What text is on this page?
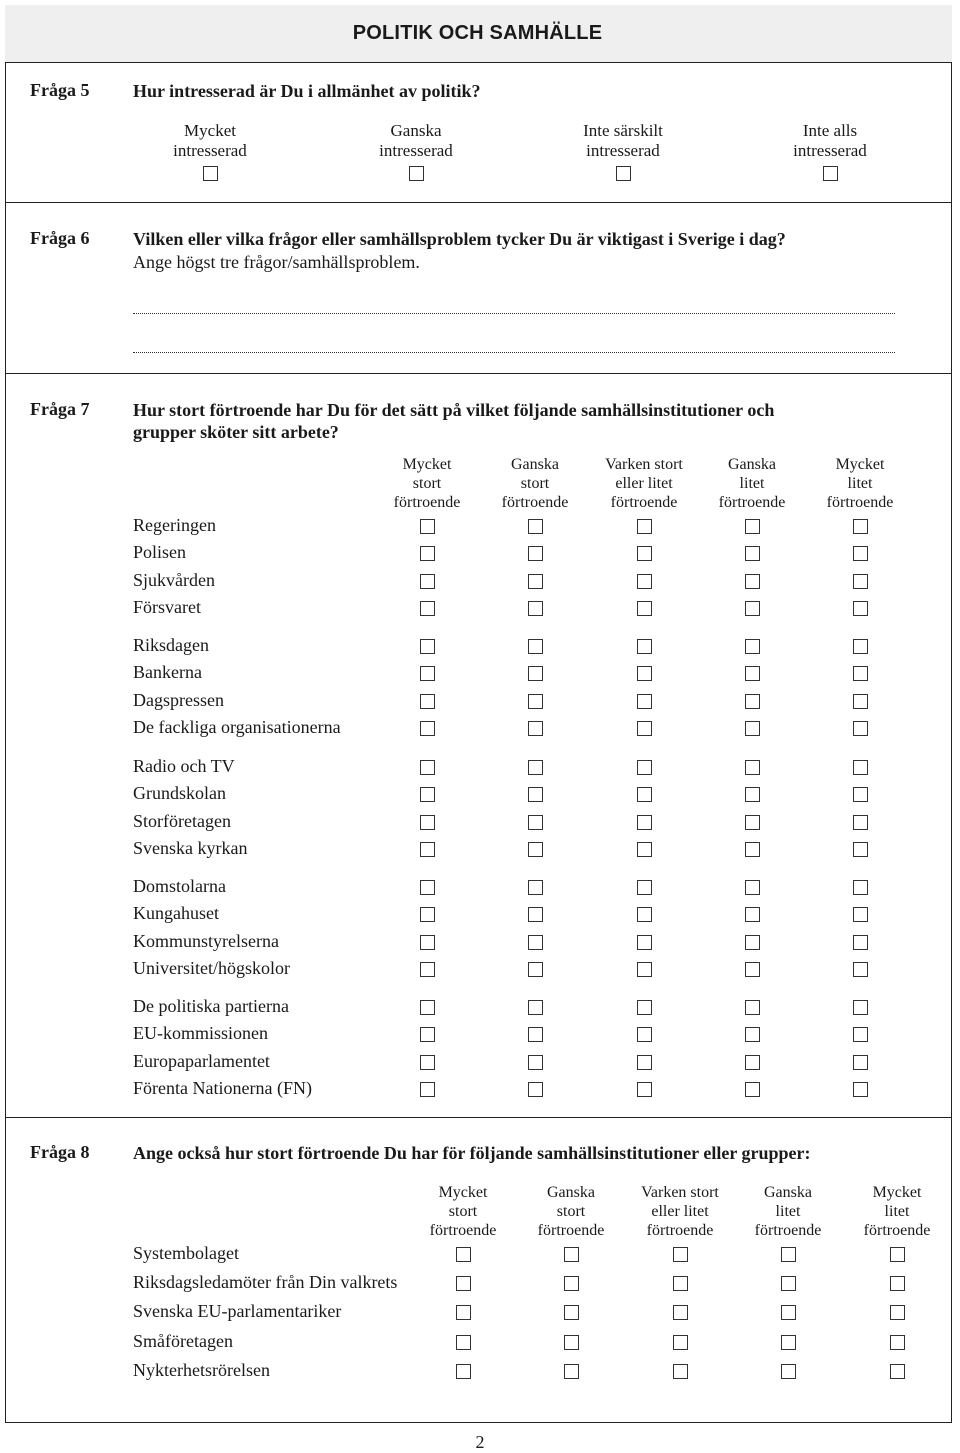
POLITIK OCH SAMHÄLLE
Fråga 5 Hur intresserad är Du i allmänhet av politik?
Fråga 6 Vilken eller vilka frågor eller samhällsproblem tycker Du är viktigast i Sverige i dag?
Ange högst tre frågor/samhällsproblem.
Fråga 7 Hur stort förtroende har Du för det sätt på vilket följande samhällsinstitutioner och
grupper sköter sitt arbete?
Fråga 8 Ange också hur stort förtroende Du har för följande samhällsinstitutioner eller grupper:
2
Mycket
intresserad
Ganska
intresserad
Inte särskilt
intresserad
Inte alls
intresserad
Mycket
stort
förtroende
Ganska
stort
förtroende
Varken stort
eller litet
förtroende
Ganska
litet
förtroende
Mycket
litet
förtroende
Regeringen
Polisen
Sjukvården
Försvaret
Riksdagen
Bankerna
Dagspressen
De fackliga organisationerna
Radio och TV
Grundskolan
Storföretagen
Svenska kyrkan
Domstolarna
Kungahuset
Kommunstyrelserna
Universitet/högskolor
De politiska partierna
EU-kommissionen
Europaparlamentet
Förenta Nationerna (FN)
Mycket
stort
förtroende
Ganska
stort
förtroende
Varken stort
eller litet
förtroende
Ganska
litet
förtroende
Mycket
litet
förtroende
Systembolaget
Riksdagsledamöter från Din valkrets
Svenska EU-parlamentariker
Småföretagen
Nykterhetsrörelsen
